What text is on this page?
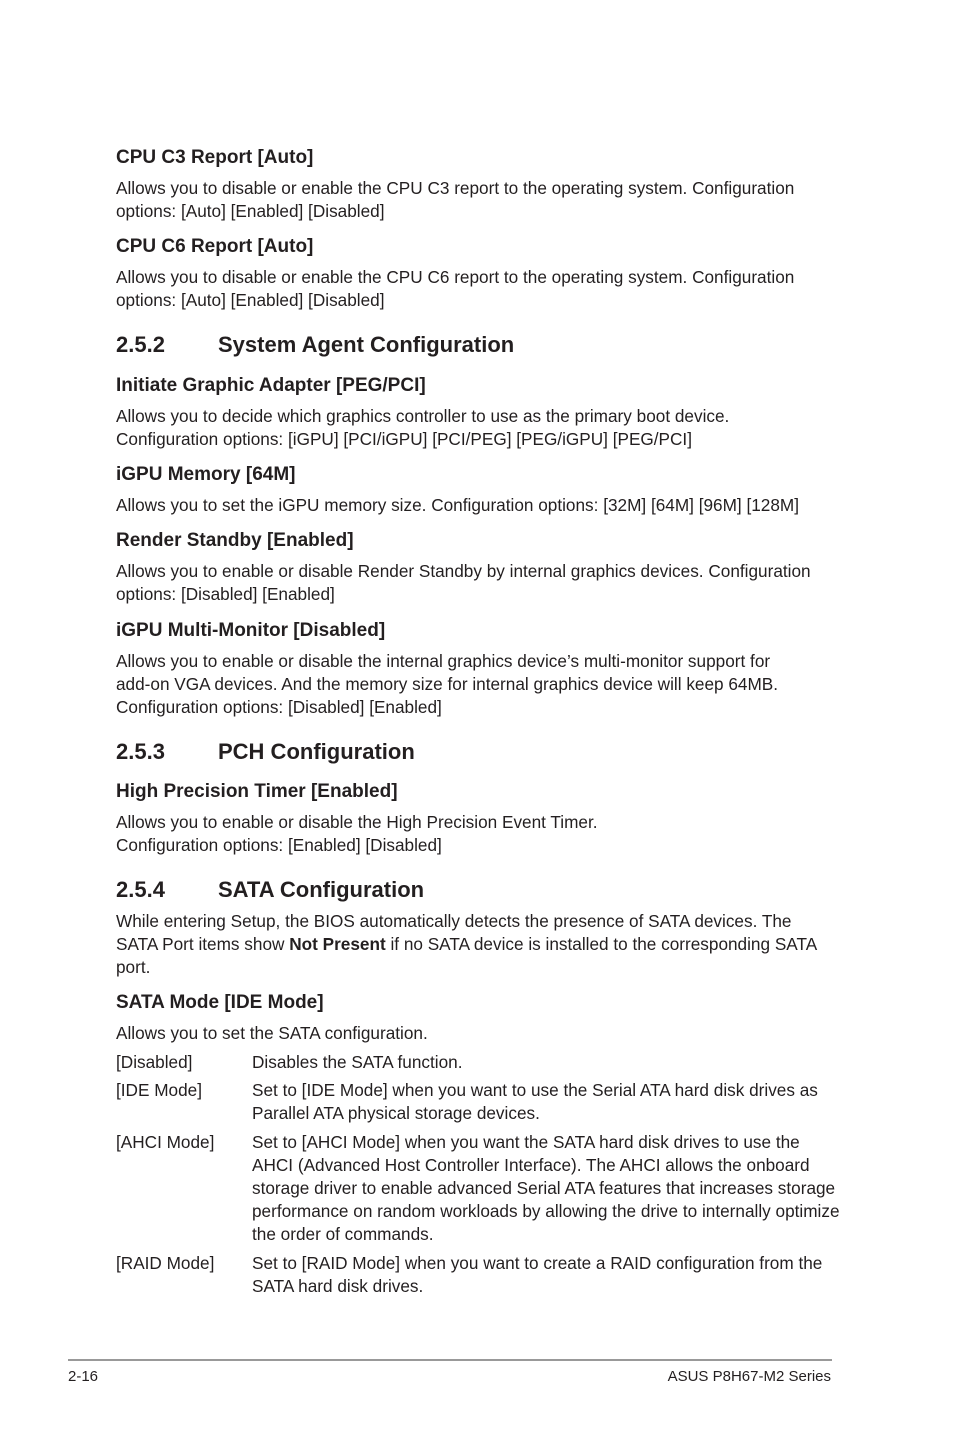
CPU C3 Report [Auto]

Allows you to disable or enable the CPU C3 report to the operating system. Configuration options: [Auto] [Enabled] [Disabled]

CPU C6 Report [Auto]

Allows you to disable or enable the CPU C6 report to the operating system. Configuration options: [Auto] [Enabled] [Disabled]

2.5.2 System Agent Configuration
Initiate Graphic Adapter [PEG/PCI]
Allows you to decide which graphics controller to use as the primary boot device.
Configuration options: [iGPU] [PCI/iGPU] [PCI/PEG] [PEG/iGPU] [PEG/PCI]
iGPU Memory [64M]

Allows you to set the iGPU memory size. Configuration options: [32M] [64M] [96M] [128M]

Render Standby [Enabled]

Allows you to enable or disable Render Standby by internal graphics devices. Configuration options: [Disabled] [Enabled]

iGPU Multi-Monitor [Disabled]
Allows you to enable or disable the internal graphics device’s multi-monitor support for
add-on VGA devices. And the memory size for internal graphics device will keep 64MB.
Configuration options: [Disabled] [Enabled]
2.5.3 PCH Configuration
High Precision Timer [Enabled]
Allows you to enable or disable the High Precision Event Timer.
Configuration options: [Enabled] [Disabled]
2.5.4 SATA Configuration

While entering Setup, the BIOS automatically detects the presence of SATA devices. The SATA Port items show Not Present if no SATA device is installed to the corresponding SATA port.

SATA Mode [IDE Mode]

Allows you to set the SATA configuration.

[Disabled]	Disables the SATA function.
[IDE Mode]	Set to [IDE Mode] when you want to use the Serial ATA hard disk drives as Parallel ATA physical storage devices.
[AHCI Mode] Set to [AHCI Mode] when you want the SATA hard disk drives to use the AHCI (Advanced Host Controller Interface). The AHCI allows the onboard storage driver to enable advanced Serial ATA features that increases storage performance on random workloads by allowing the drive to internally optimize the order of commands.
[RAID Mode] Set to [RAID Mode] when you want to create a RAID configuration from the SATA hard disk drives.
2-16	ASUS P8H67-M2 Series
